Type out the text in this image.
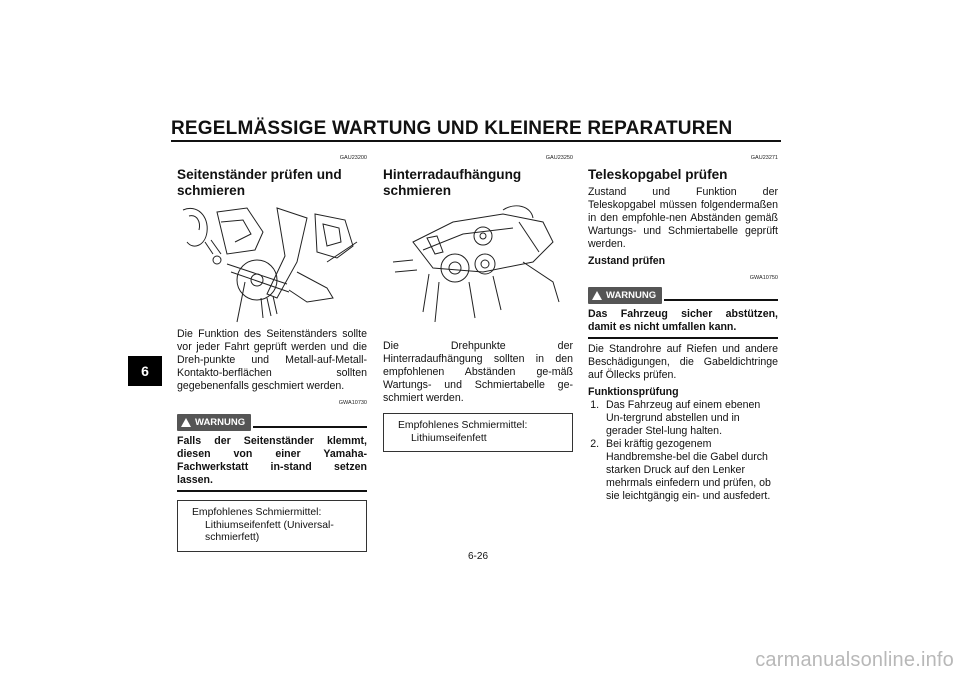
REGELMÄSSIGE WARTUNG UND KLEINERE REPARATUREN
6
GAU23200
Seitenständer prüfen und schmieren

Die Funktion des Seitenständers sollte vor jeder Fahrt geprüft werden und die Dreh-punkte und Metall-auf-Metall-Kontakto-berflächen sollten gegebenenfalls geschmiert werden.

GWA10730
WARNUNG

Falls der Seitenständer klemmt, diesen von einer Yamaha-Fachwerkstatt in-stand setzen lassen.

Empfohlenes Schmiermittel:
Lithiumseifenfett (Universal-schmierfett)
GAU23250
Hinterradaufhängung schmieren

Die Drehpunkte der Hinterradaufhängung sollten in den empfohlenen Abständen ge-mäß Wartungs- und Schmiertabelle ge-schmiert werden.

Empfohlenes Schmiermittel:
Lithiumseifenfett
GAU23271
Teleskopgabel prüfen

Zustand und Funktion der Teleskopgabel müssen folgendermaßen in den empfohle-nen Abständen gemäß Wartungs- und Schmiertabelle geprüft werden.

Zustand prüfen
GWA10750
WARNUNG

Das Fahrzeug sicher abstützen, damit es nicht umfallen kann.

Die Standrohre auf Riefen und andere Beschädigungen, die Gabeldichtringe auf Öllecks prüfen.

Funktionsprüfung
1. Das Fahrzeug auf einem ebenen Un-tergrund abstellen und in gerader Stel-lung halten.
2. Bei kräftig gezogenem Handbremshe-bel die Gabel durch starken Druck auf den Lenker mehrmals einfedern und prüfen, ob sie leichtgängig ein- und ausfedert.
6-26
carmanualsonline.info
